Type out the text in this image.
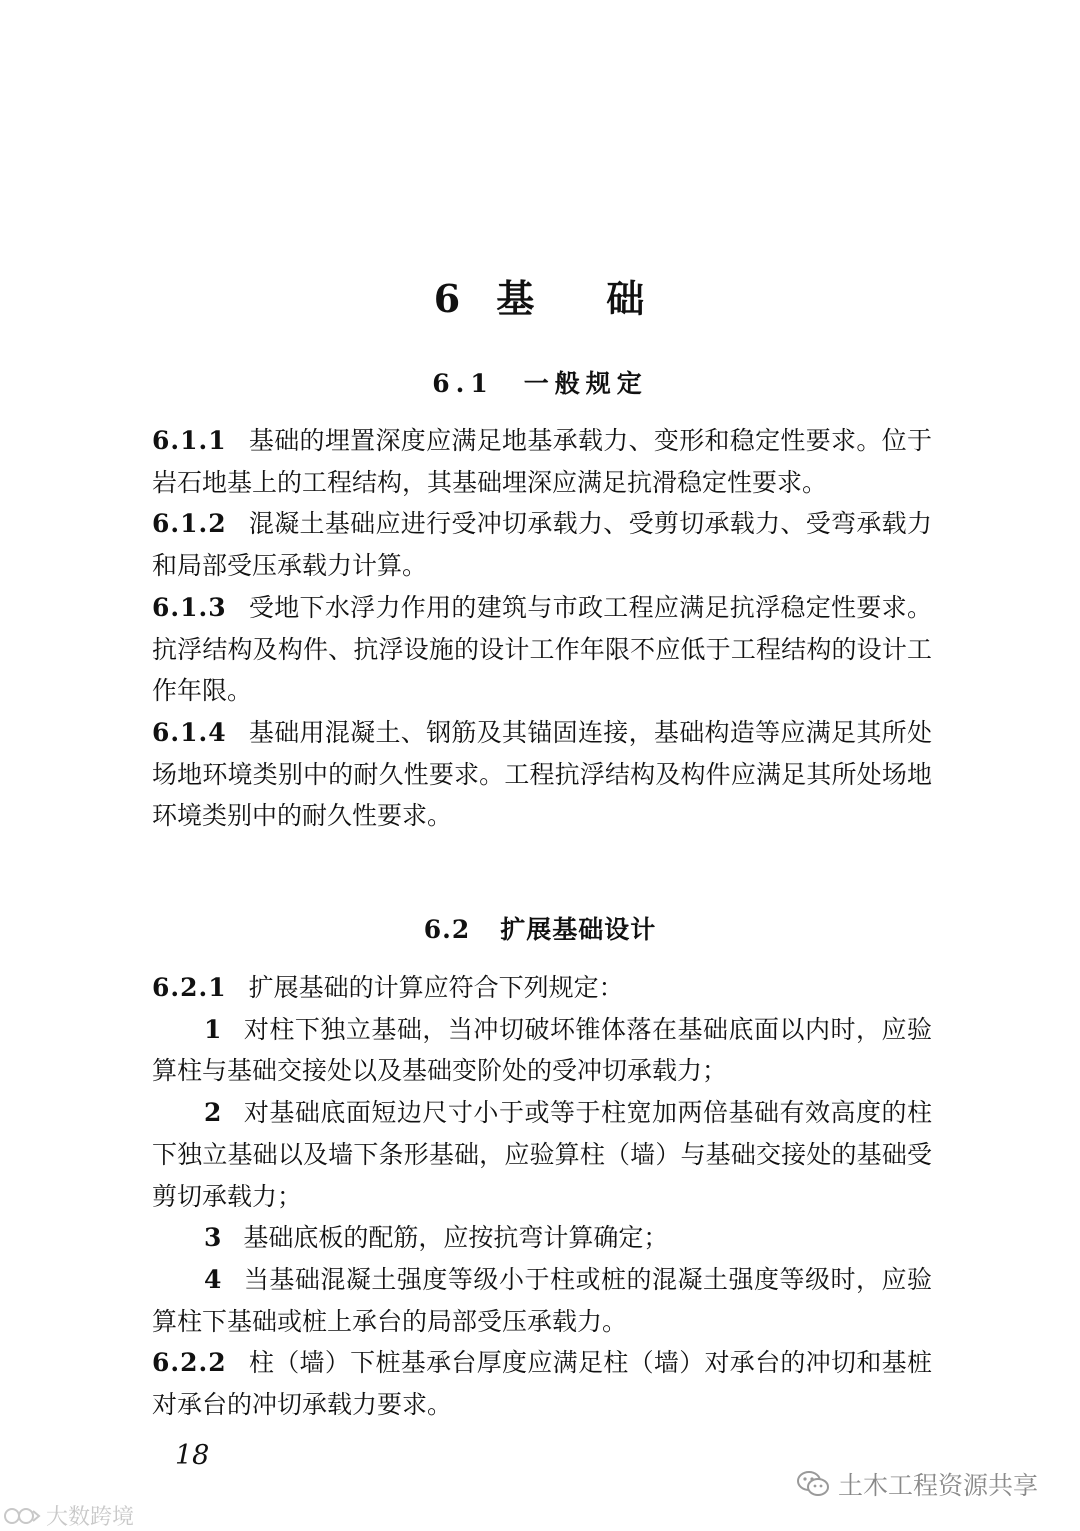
6 基 础
6.1 一般规定

6.1.1 基础的埋置深度应满足地基承载力、变形和稳定性要求。位于岩石地基上的工程结构，其基础埋深应满足抗滑稳定性要求。

6.1.2 混凝土基础应进行受冲切承载力、受剪切承载力、受弯承载力和局部受压承载力计算。

6.1.3 受地下水浮力作用的建筑与市政工程应满足抗浮稳定性要求。抗浮结构及构件、抗浮设施的设计工作年限不应低于工程结构的设计工作年限。

6.1.4 基础用混凝土、钢筋及其锚固连接，基础构造等应满足其所处场地环境类别中的耐久性要求。工程抗浮结构及构件应满足其所处场地环境类别中的耐久性要求。

6.2 扩展基础设计

6.2.1 扩展基础的计算应符合下列规定：

1 对柱下独立基础，当冲切破坏锥体落在基础底面以内时，应验算柱与基础交接处以及基础变阶处的受冲切承载力；

2 对基础底面短边尺寸小于或等于柱宽加两倍基础有效高度的柱下独立基础以及墙下条形基础，应验算柱（墙）与基础交接处的基础受剪切承载力；

3 基础底板的配筋，应按抗弯计算确定；

4 当基础混凝土强度等级小于柱或桩的混凝土强度等级时，应验算柱下基础或桩上承台的局部受压承载力。

6.2.2 柱（墙）下桩基承台厚度应满足柱（墙）对承台的冲切和基桩对承台的冲切承载力要求。

18
土木工程资源共享
大数跨境
